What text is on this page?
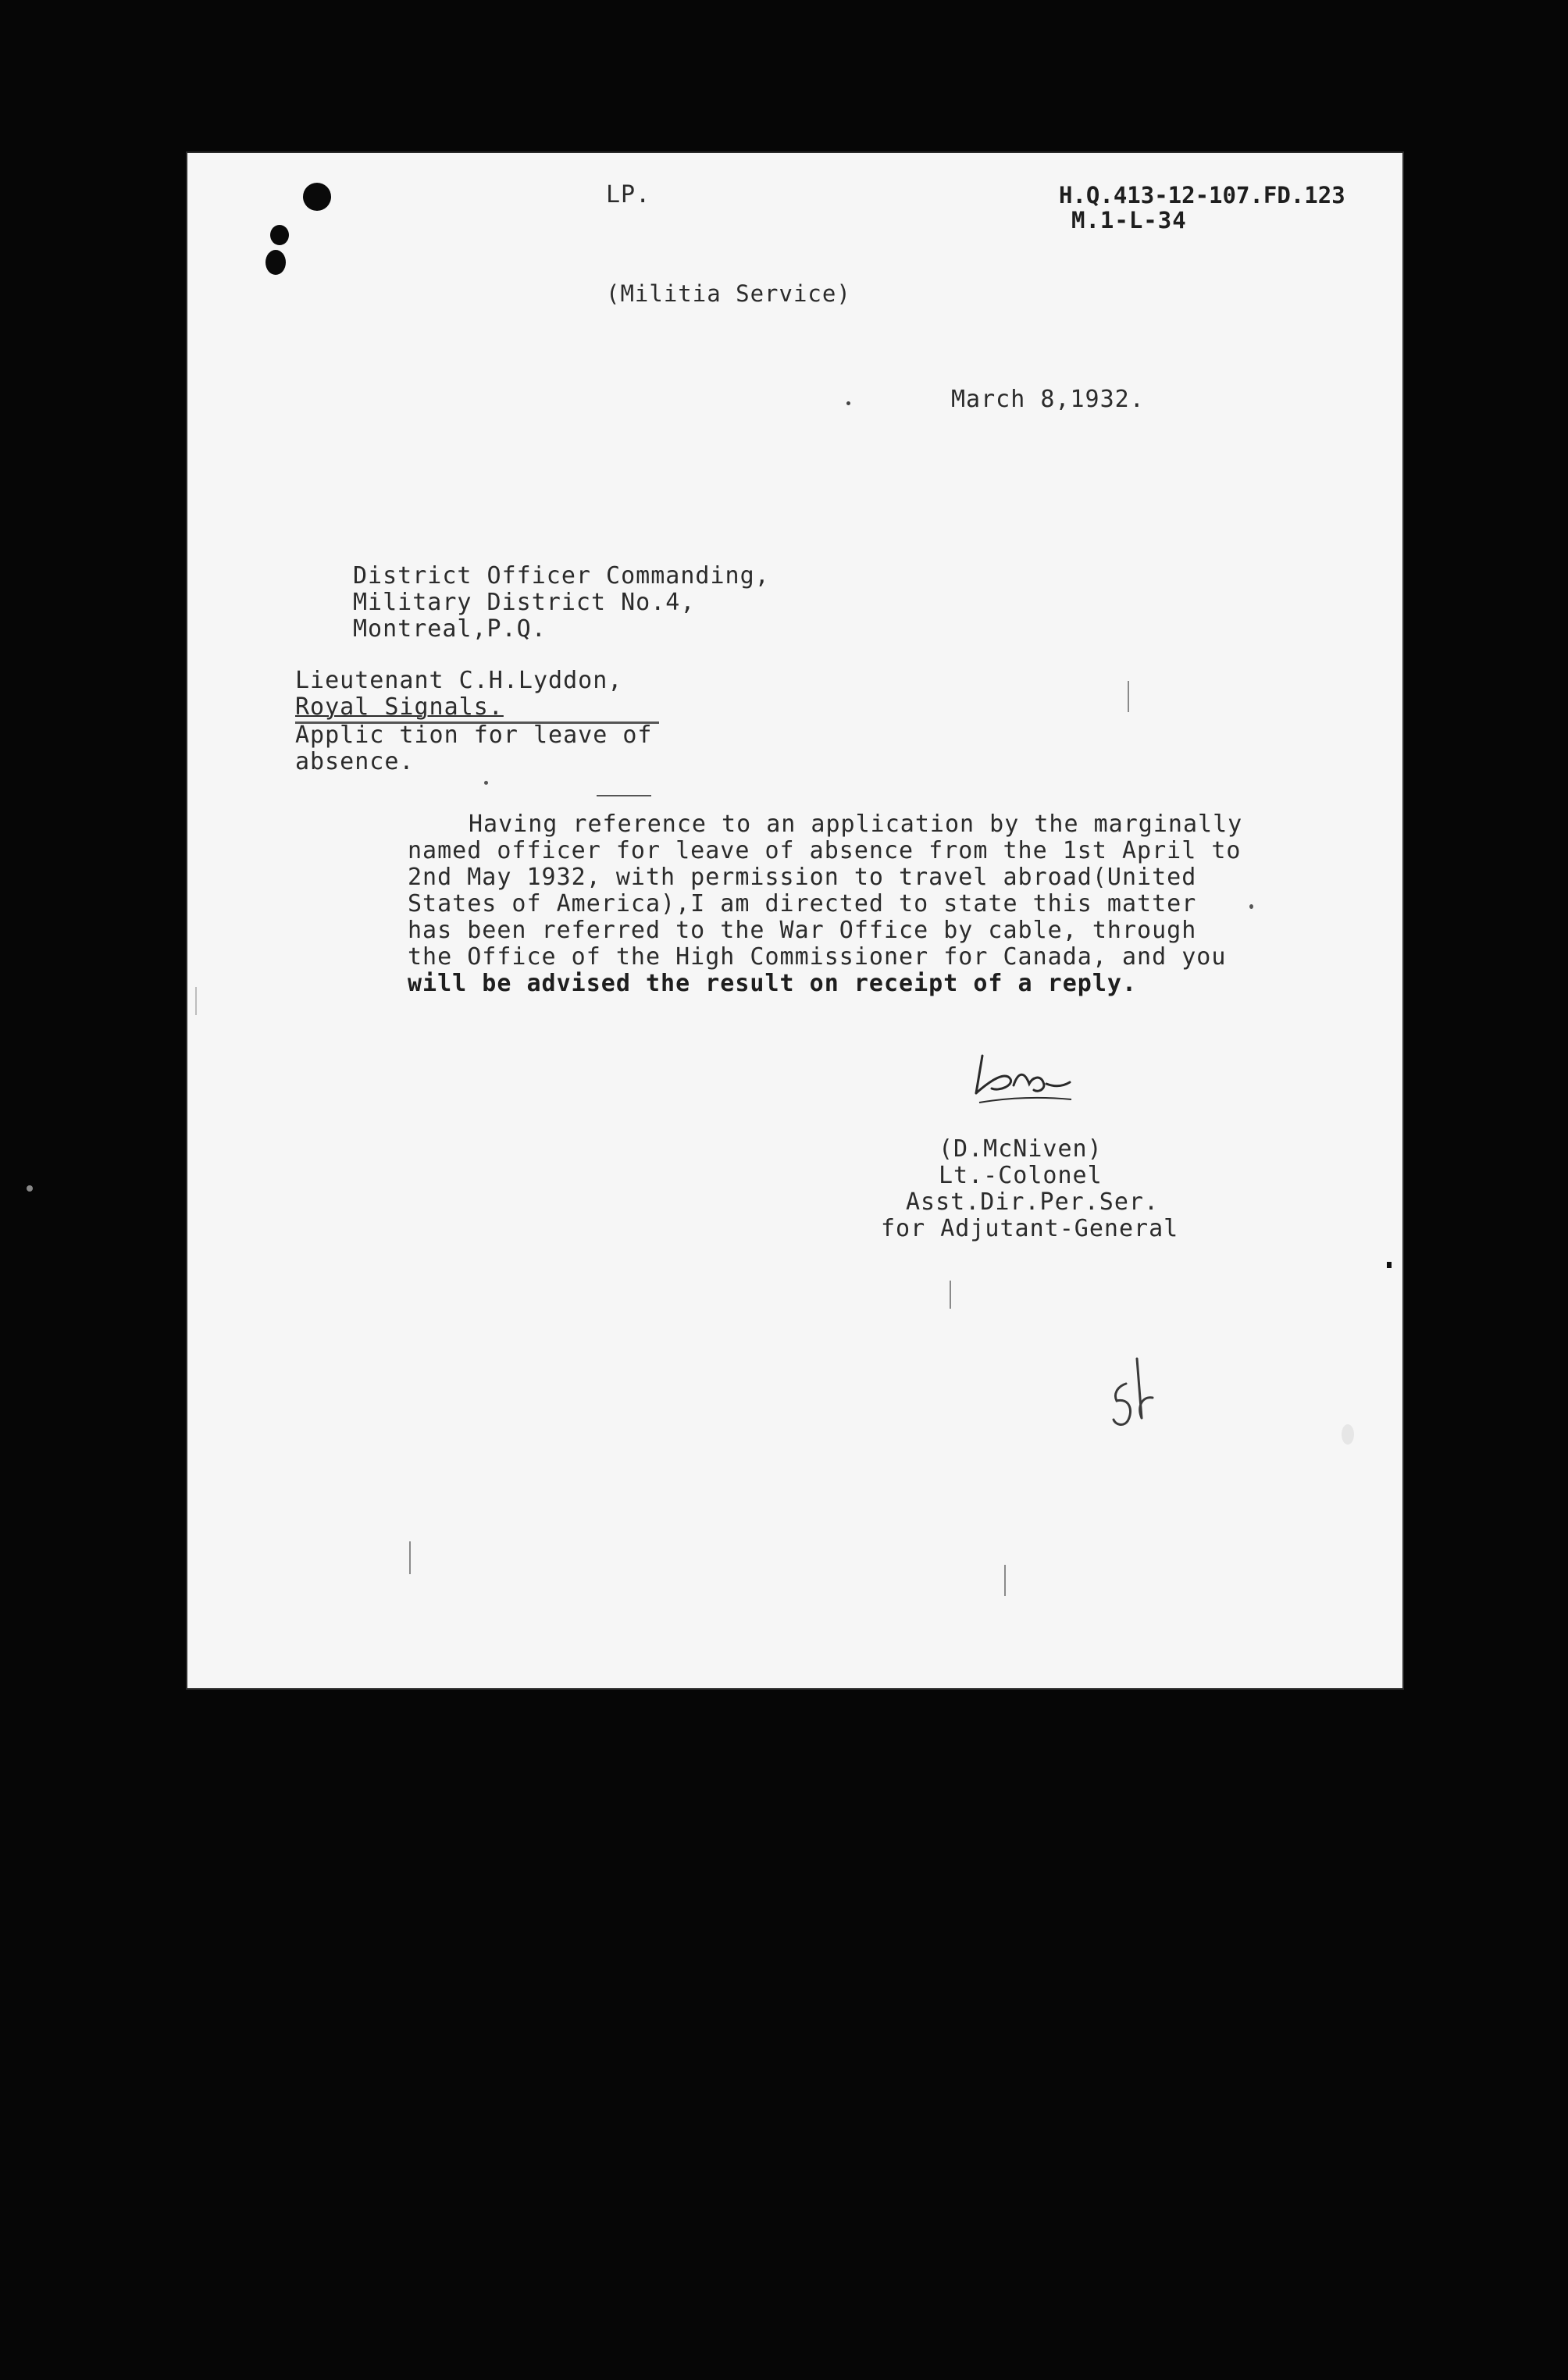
LP.	H.Q.413-12-107.FD.123
M.1-L-34
(Militia Service)
March 8,1932.
District Officer Commanding,
Military District No.4,
Montreal,P.Q.
Lieutenant C.H.Lyddon,
Royal Signals.
Applic tion for leave of
absence.
Having reference to an application by the marginally
named officer for leave of absence from the 1st April to
2nd May 1932, with permission to travel abroad(United
States of America),I am directed to state this matter
has been referred to the War Office by cable, through
the Office of the High Commissioner for Canada, and you
will be advised the result on receipt of a reply.
(D.McNiven)
Lt.-Colonel
Asst.Dir.Per.Ser.
for Adjutant-General
